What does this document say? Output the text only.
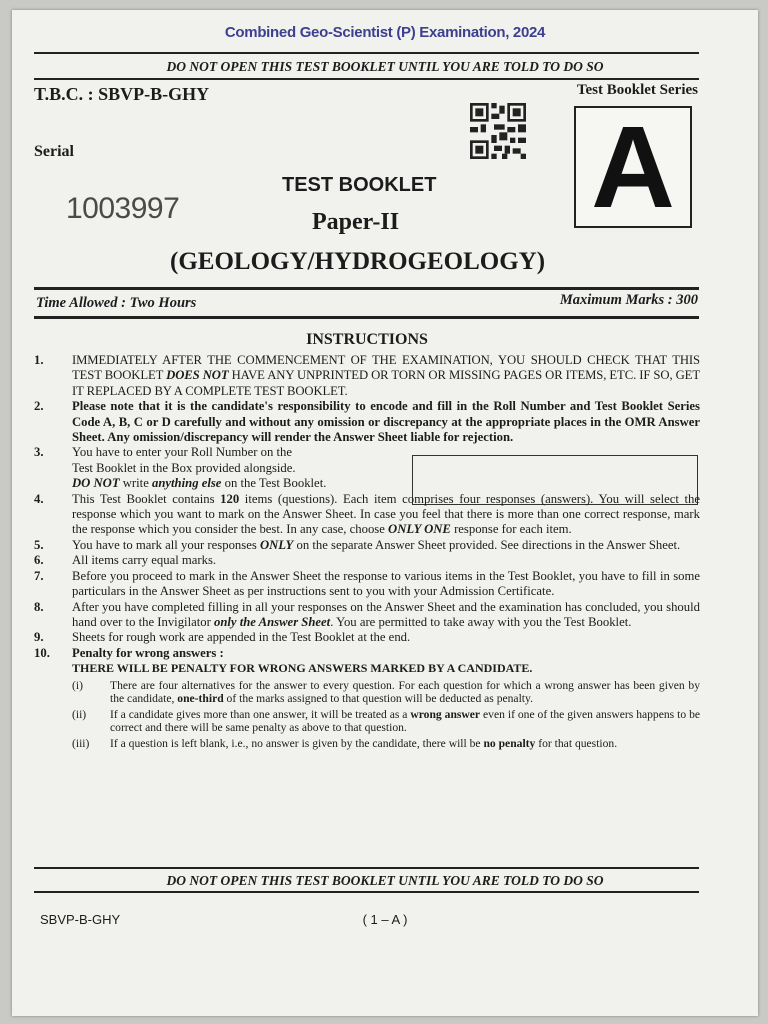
Combined Geo-Scientist (P) Examination, 2024
DO NOT OPEN THIS TEST BOOKLET UNTIL YOU ARE TOLD TO DO SO
T.B.C. : SBVP-B-GHY	Test Booklet Series
A
Serial
1003997
TEST BOOKLET
Paper-II
(GEOLOGY/HYDROGEOLOGY)
Time Allowed : Two Hours	Maximum Marks : 300
INSTRUCTIONS
1.	IMMEDIATELY AFTER THE COMMENCEMENT OF THE EXAMINATION, YOU SHOULD CHECK THAT THIS TEST BOOKLET DOES NOT HAVE ANY UNPRINTED OR TORN OR MISSING PAGES OR ITEMS, ETC. IF SO, GET IT REPLACED BY A COMPLETE TEST BOOKLET.
2.	Please note that it is the candidate's responsibility to encode and fill in the Roll Number and Test Booklet Series Code A, B, C or D carefully and without any omission or discrepancy at the appropriate places in the OMR Answer Sheet. Any omission/discrepancy will render the Answer Sheet liable for rejection.
3.	You have to enter your Roll Number on the
Test Booklet in the Box provided alongside.
DO NOT write anything else on the Test Booklet.
4.	This Test Booklet contains 120 items (questions). Each item comprises four responses (answers). You will select the response which you want to mark on the Answer Sheet. In case you feel that there is more than one correct response, mark the response which you consider the best. In any case, choose ONLY ONE response for each item.
5.	You have to mark all your responses ONLY on the separate Answer Sheet provided. See directions in the Answer Sheet.
6.	All items carry equal marks.
7.	Before you proceed to mark in the Answer Sheet the response to various items in the Test Booklet, you have to fill in some particulars in the Answer Sheet as per instructions sent to you with your Admission Certificate.
8.	After you have completed filling in all your responses on the Answer Sheet and the examination has concluded, you should hand over to the Invigilator only the Answer Sheet. You are permitted to take away with you the Test Booklet.
9.	Sheets for rough work are appended in the Test Booklet at the end.
10.	Penalty for wrong answers :
THERE WILL BE PENALTY FOR WRONG ANSWERS MARKED BY A CANDIDATE.
(i)	There are four alternatives for the answer to every question. For each question for which a wrong answer has been given by the candidate, one-third of the marks assigned to that question will be deducted as penalty.
(ii)	If a candidate gives more than one answer, it will be treated as a wrong answer even if one of the given answers happens to be correct and there will be same penalty as above to that question.
(iii)	If a question is left blank, i.e., no answer is given by the candidate, there will be no penalty for that question.
DO NOT OPEN THIS TEST BOOKLET UNTIL YOU ARE TOLD TO DO SO
SBVP-B-GHY	( 1 – A )
